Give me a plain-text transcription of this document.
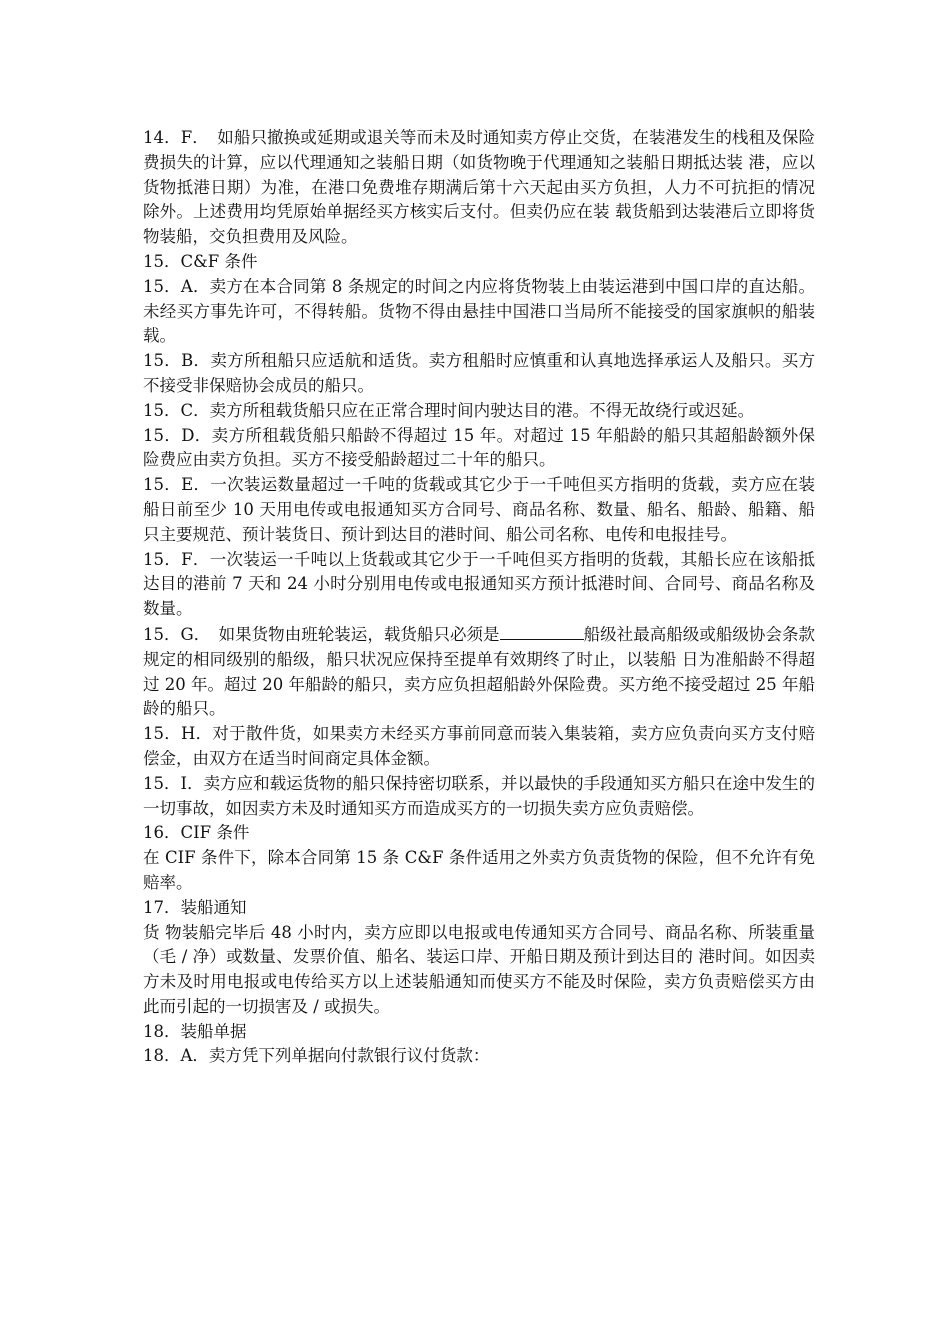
14．F．　如船只撤换或延期或退关等而未及时通知卖方停止交货，在装港发生的栈租及保险费损失的计算，应以代理通知之装船日期（如货物晚于代理通知之装船日期抵达装 港，应以货物抵港日期）为准，在港口免费堆存期满后第十六天起由买方负担，人力不可抗拒的情况除外。上述费用均凭原始单据经买方核实后支付。但卖仍应在装 载货船到达装港后立即将货物装船，交负担费用及风险。

15．C&F 条件

15．A．卖方在本合同第 8 条规定的时间之内应将货物装上由装运港到中国口岸的直达船。未经买方事先许可，不得转船。货物不得由悬挂中国港口当局所不能接受的国家旗帜的船装载。

15．B．卖方所租船只应适航和适货。卖方租船时应慎重和认真地选择承运人及船只。买方不接受非保赔协会成员的船只。

15．C．卖方所租载货船只应在正常合理时间内驶达目的港。不得无故绕行或迟延。

15．D．卖方所租载货船只船龄不得超过 15 年。对超过 15 年船龄的船只其超船龄额外保险费应由卖方负担。买方不接受船龄超过二十年的船只。

15．E．一次装运数量超过一千吨的货载或其它少于一千吨但买方指明的货载，卖方应在装船日前至少 10 天用电传或电报通知买方合同号、商品名称、数量、船名、船龄、船籍、船只主要规范、预计装货日、预计到达目的港时间、船公司名称、电传和电报挂号。

15．F．一次装运一千吨以上货载或其它少于一千吨但买方指明的货载，其船长应在该船抵达目的港前 7 天和 24 小时分别用电传或电报通知买方预计抵港时间、合同号、商品名称及数量。

15．G．　如果货物由班轮装运，载货船只必须是	船级社最高船级或船级协会条款规定的相同级别的船级，船只状况应保持至提单有效期终了时止，以装船 日为准船龄不得超过 20 年。超过 20 年船龄的船只，卖方应负担超船龄外保险费。买方绝不接受超过 25 年船龄的船只。

15．H．对于散件货，如果卖方未经买方事前同意而装入集装箱，卖方应负责向买方支付赔偿金，由双方在适当时间商定具体金额。

15．I．卖方应和载运货物的船只保持密切联系，并以最快的手段通知买方船只在途中发生的一切事故，如因卖方未及时通知买方而造成买方的一切损失卖方应负责赔偿。

16．CIF 条件

在 CIF 条件下，除本合同第 15 条 C&F 条件适用之外卖方负责货物的保险，但不允许有免赔率。

17．装船通知

货 物装船完毕后 48 小时内，卖方应即以电报或电传通知买方合同号、商品名称、所装重量（毛 / 净）或数量、发票价值、船名、装运口岸、开船日期及预计到达目的 港时间。如因卖方未及时用电报或电传给买方以上述装船通知而使买方不能及时保险，卖方负责赔偿买方由此而引起的一切损害及 / 或损失。

18．装船单据

18．A．卖方凭下列单据向付款银行议付货款：
